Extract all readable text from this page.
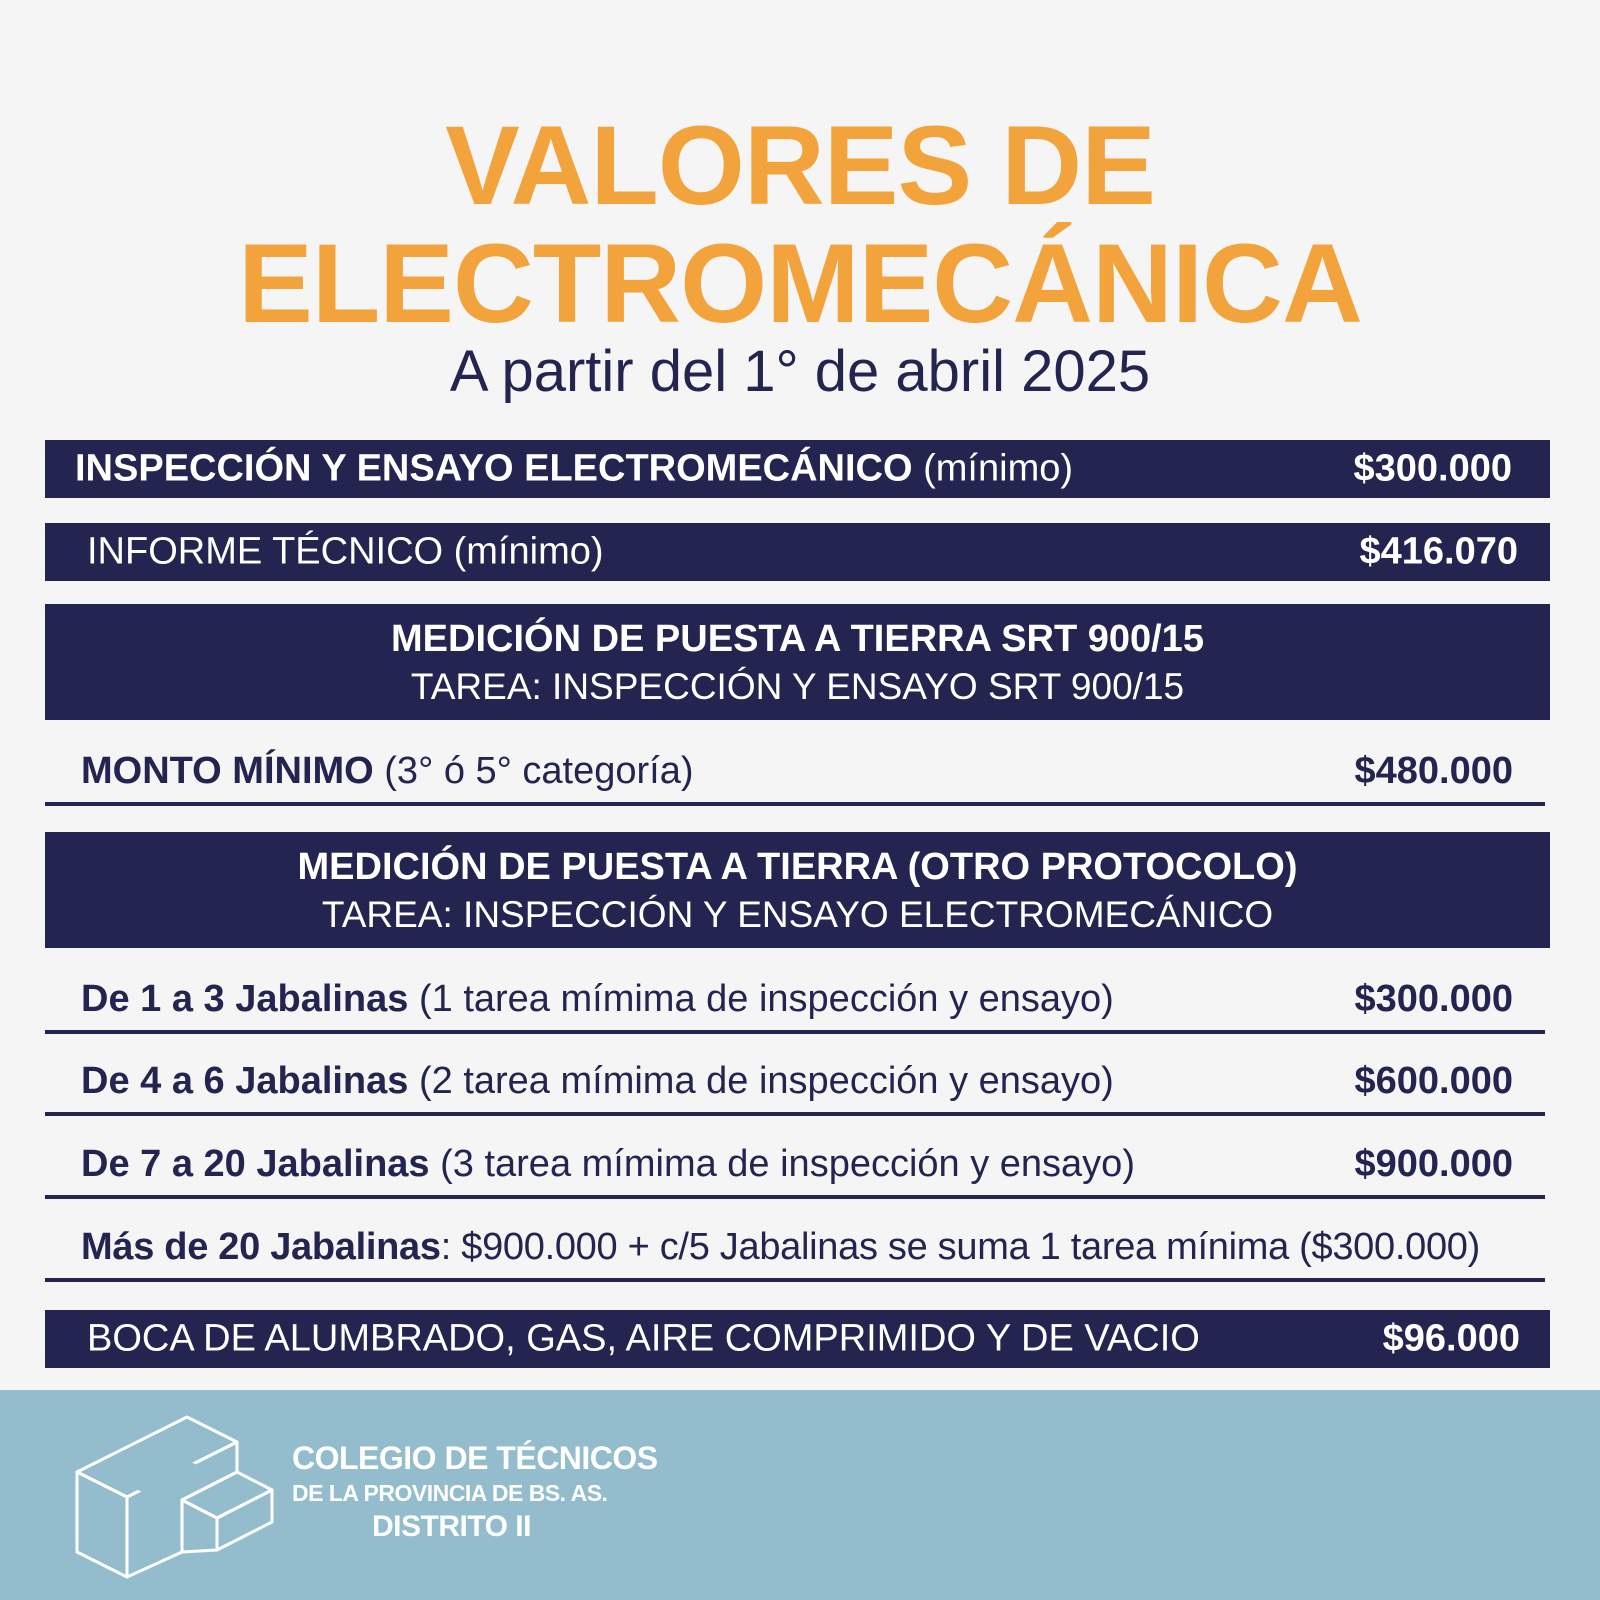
VALORES DE
ELECTROMECÁNICA
A partir del 1° de abril 2025
INSPECCIÓN Y ENSAYO ELECTROMECÁNICO (mínimo)	$300.000
INFORME TÉCNICO (mínimo)	$416.070
MEDICIÓN DE PUESTA A TIERRA SRT 900/15
TAREA: INSPECCIÓN Y ENSAYO SRT 900/15
MONTO MÍNIMO (3° ó 5° categoría)	$480.000
MEDICIÓN DE PUESTA A TIERRA (OTRO PROTOCOLO)
TAREA: INSPECCIÓN Y ENSAYO ELECTROMECÁNICO
De 1 a 3 Jabalinas (1 tarea mímima de inspección y ensayo)	$300.000
De 4 a 6 Jabalinas (2 tarea mímima de inspección y ensayo)	$600.000
De 7 a 20 Jabalinas (3 tarea mímima de inspección y ensayo)	$900.000
Más de 20 Jabalinas: $900.000 + c/5 Jabalinas se suma 1 tarea mínima ($300.000)
BOCA DE ALUMBRADO, GAS, AIRE COMPRIMIDO Y DE VACIO	$96.000
COLEGIO DE TÉCNICOS
DE LA PROVINCIA DE BS. AS.
DISTRITO II
